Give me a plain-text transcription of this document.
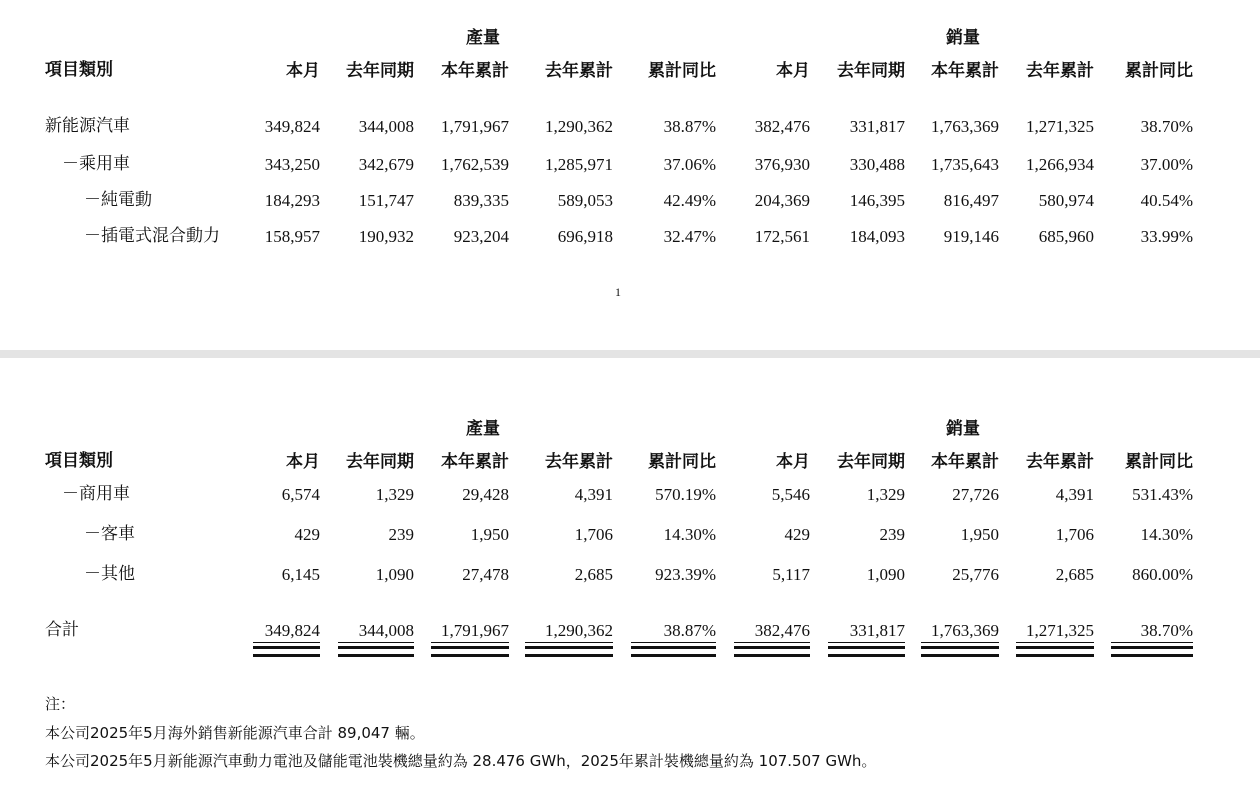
產量	銷量
項目類別	本月	去年同期	本年累計	去年累計	累計同比	本月	去年同期	本年累計	去年累計	累計同比
新能源汽車	349,824	344,008	1,791,967	1,290,362	38.87%	382,476	331,817	1,763,369	1,271,325	38.70%
－乘用車	343,250	342,679	1,762,539	1,285,971	37.06%	376,930	330,488	1,735,643	1,266,934	37.00%
－純電動	184,293	151,747	839,335	589,053	42.49%	204,369	146,395	816,497	580,974	40.54%
－插電式混合動力	158,957	190,932	923,204	696,918	32.47%	172,561	184,093	919,146	685,960	33.99%
1
產量	銷量
項目類別	本月	去年同期	本年累計	去年累計	累計同比	本月	去年同期	本年累計	去年累計	累計同比
－商用車	6,574	1,329	29,428	4,391	570.19%	5,546	1,329	27,726	4,391	531.43%
－客車	429	239	1,950	1,706	14.30%	429	239	1,950	1,706	14.30%
－其他	6,145	1,090	27,478	2,685	923.39%	5,117	1,090	25,776	2,685	860.00%
合計	349,824	344,008	1,791,967	1,290,362	38.87%	382,476	331,817	1,763,369	1,271,325	38.70%
注：
本公司2025年5月海外銷售新能源汽車合計 89,047 輛。
本公司2025年5月新能源汽車動力電池及儲能電池裝機總量約為 28.476 GWh，2025年累計裝機總量約為 107.507 GWh。
